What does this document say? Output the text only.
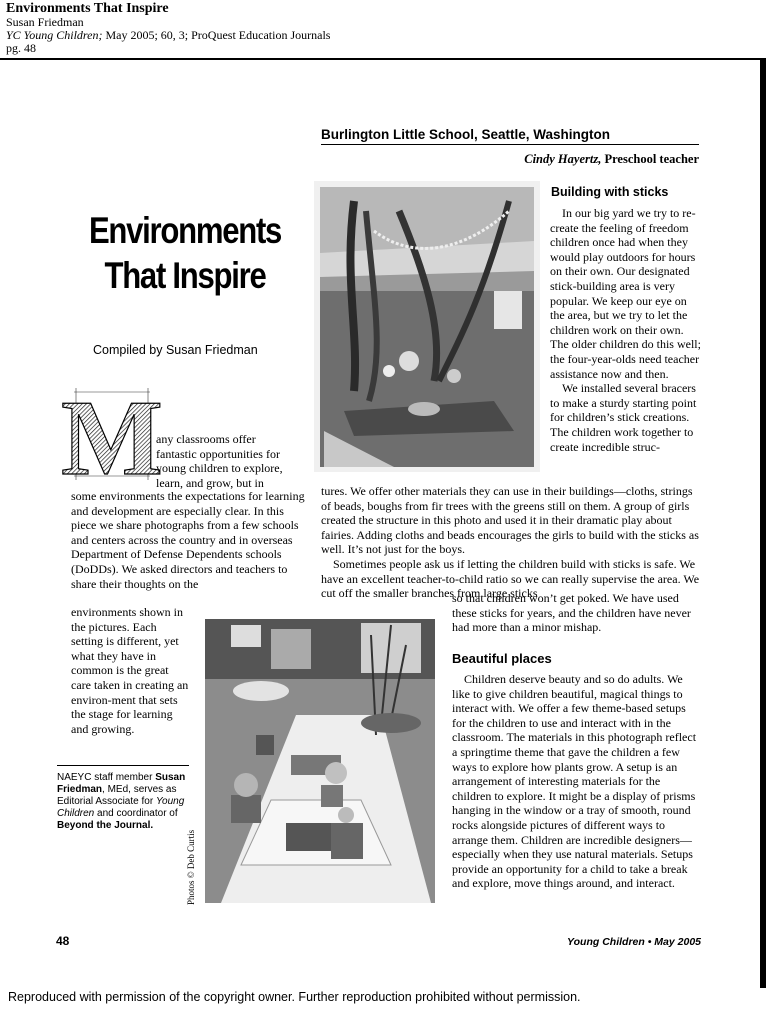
Environments That Inspire
Susan Friedman
YC Young Children; May 2005; 60, 3; ProQuest Education Journals
pg. 48
Burlington Little School, Seattle, Washington
Cindy Hayertz, Preschool teacher
Environments
That Inspire
Compiled by Susan Friedman
M
any classrooms offer
fantastic opportunities for
young children to explore,
learn, and grow, but in
some environments the expectations for learning and development are especially clear. In this piece we share photographs from a few schools and centers across the country and in overseas Department of Defense Dependents schools (DoDDs). We asked directors and teachers to share their thoughts on the
environments shown in the pictures. Each setting is different, yet what they have in common is the great care taken in creating an environ-ment that sets the stage for learning and growing.
NAEYC staff member Susan Friedman, MEd, serves as Editorial Associate for Young Children and coordinator of Beyond the Journal.
Building with sticks

In our big yard we try to re-create the feeling of freedom children once had when they would play outdoors for hours on their own. Our designated stick-building area is very popular. We keep our eye on the area, but we try to let the children work on their own. The older children do this well; the four-year-olds need teacher assistance now and then.

We installed several bracers to make a sturdy starting point for children’s stick creations. The children work together to create incredible struc-

tures. We offer other materials they can use in their buildings—cloths, strings of beads, boughs from fir trees with the greens still on them. A group of girls created the structure in this photo and used it in their dramatic play about fairies. Adding cloths and beads encourages the girls to build with the sticks as well. It’s not just for the boys.

Sometimes people ask us if letting the children build with sticks is safe. We have an excellent teacher-to-child ratio so we can really supervise the area. We cut off the smaller branches from large sticks

so that children won’t get poked. We have used these sticks for years, and the children have never had more than a minor mishap.
Photos © Deb Curtis
Beautiful places

Children deserve beauty and so do adults. We like to give children beautiful, magical things to interact with. We offer a few theme-based setups for the children to use and interact with in the classroom. The materials in this photograph reflect a springtime theme that gave the children a few ways to explore how plants grow. A setup is an arrangement of interesting materials for the children to explore. It might be a display of prisms hanging in the window or a tray of smooth, round rocks alongside pictures of different ways to arrange them. Children are incredible designers—especially when they use natural materials. Setups provide an opportunity for a child to take a break and explore, move things around, and interact.

48	Young Children • May 2005
Reproduced with permission of the copyright owner. Further reproduction prohibited without permission.
